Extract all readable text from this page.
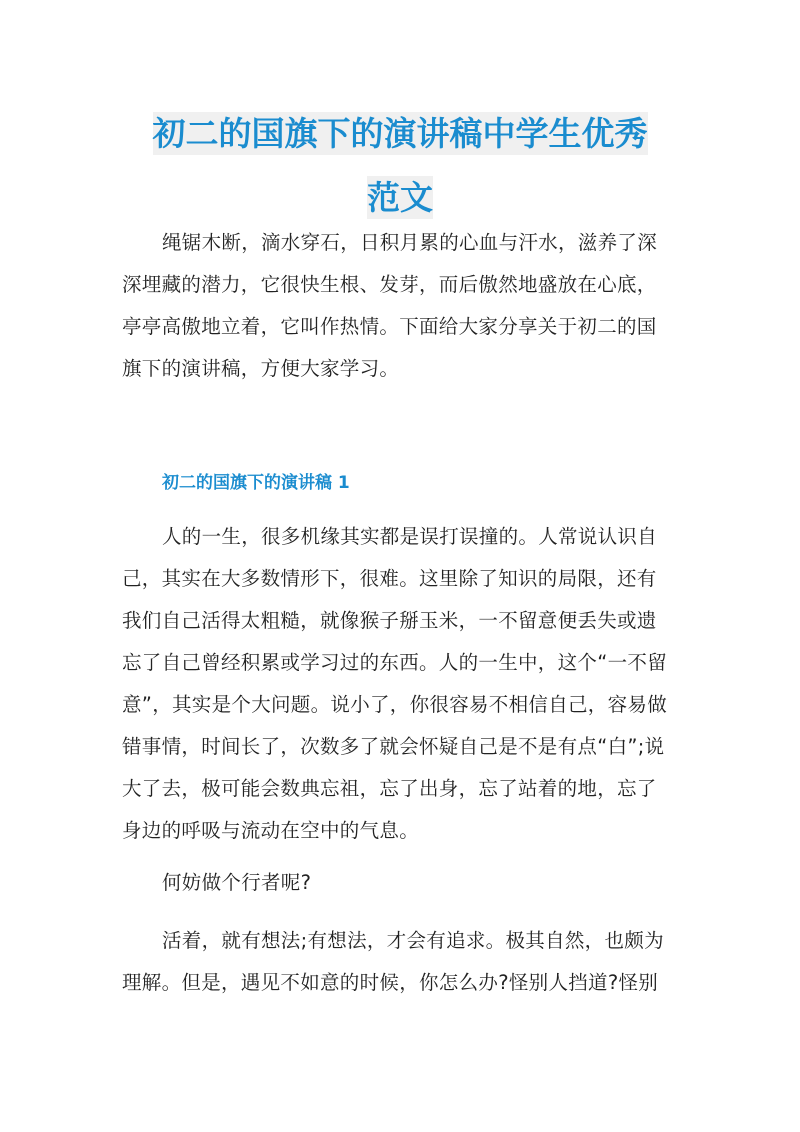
初二的国旗下的演讲稿中学生优秀
范文
绳锯木断，滴水穿石，日积月累的心血与汗水，滋养了深
深埋藏的潜力，它很快生根、发芽，而后傲然地盛放在心底，
亭亭高傲地立着，它叫作热情。下面给大家分享关于初二的国
旗下的演讲稿，方便大家学习。
初二的国旗下的演讲稿 1
人的一生，很多机缘其实都是误打误撞的。人常说认识自
己，其实在大多数情形下，很难。这里除了知识的局限，还有
我们自己活得太粗糙，就像猴子掰玉米，一不留意便丢失或遗
忘了自己曾经积累或学习过的东西。人的一生中，这个“一不留
意”，其实是个大问题。说小了，你很容易不相信自己，容易做
错事情，时间长了，次数多了就会怀疑自己是不是有点“白”;说
大了去，极可能会数典忘祖，忘了出身，忘了站着的地，忘了
身边的呼吸与流动在空中的气息。
何妨做个行者呢?
活着，就有想法;有想法，才会有追求。极其自然，也颇为
理解。但是，遇见不如意的时候，你怎么办?怪别人挡道?怪别
